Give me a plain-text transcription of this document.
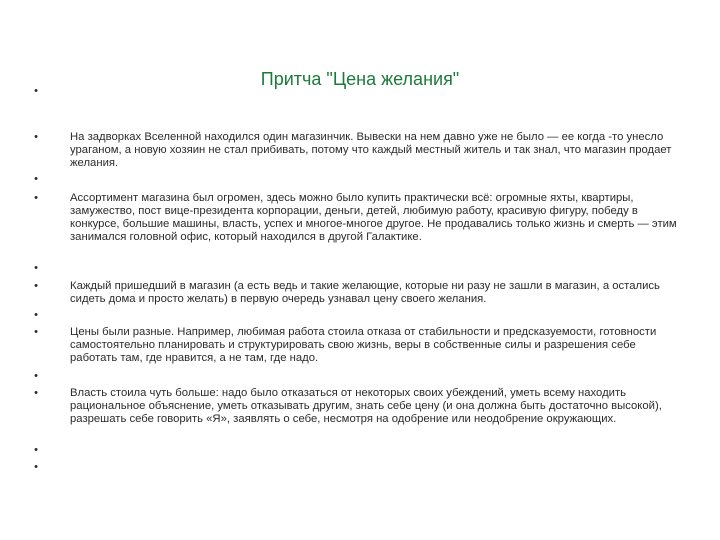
Притча "Цена желания"
•
•
•
•
•
•
•
•
•
•
•
•

На задворках Вселенной находился один магазинчик. Вывески на нем давно уже не было — ее когда -то унесло ураганом, а новую хозяин не стал прибивать, потому что каждый местный житель и так знал, что магазин продает желания.

Ассортимент магазина был огромен, здесь можно было купить практически всё: огромные яхты, квартиры, замужество, пост вице-президента корпорации, деньги, детей, любимую работу, красивую фигуру, победу в конкурсе, большие машины, власть, успех и многое-многое другое. Не продавались только жизнь и смерть — этим занимался головной офис, который находился в другой Галактике.

Каждый пришедший в магазин (а есть ведь и такие желающие, которые ни разу не зашли в магазин, а остались сидеть дома и просто желать) в первую очередь узнавал цену своего желания.

Цены были разные. Например, любимая работа стоила отказа от стабильности и предсказуемости, готовности самостоятельно планировать и структурировать свою жизнь, веры в собственные силы и разрешения себе работать там, где нравится, а не там, где надо.

Власть стоила чуть больше: надо было отказаться от некоторых своих убеждений, уметь всему находить рациональное объяснение, уметь отказывать другим, знать себе цену (и она должна быть достаточно высокой), разрешать себе говорить «Я», заявлять о себе, несмотря на одобрение или неодобрение окружающих.
